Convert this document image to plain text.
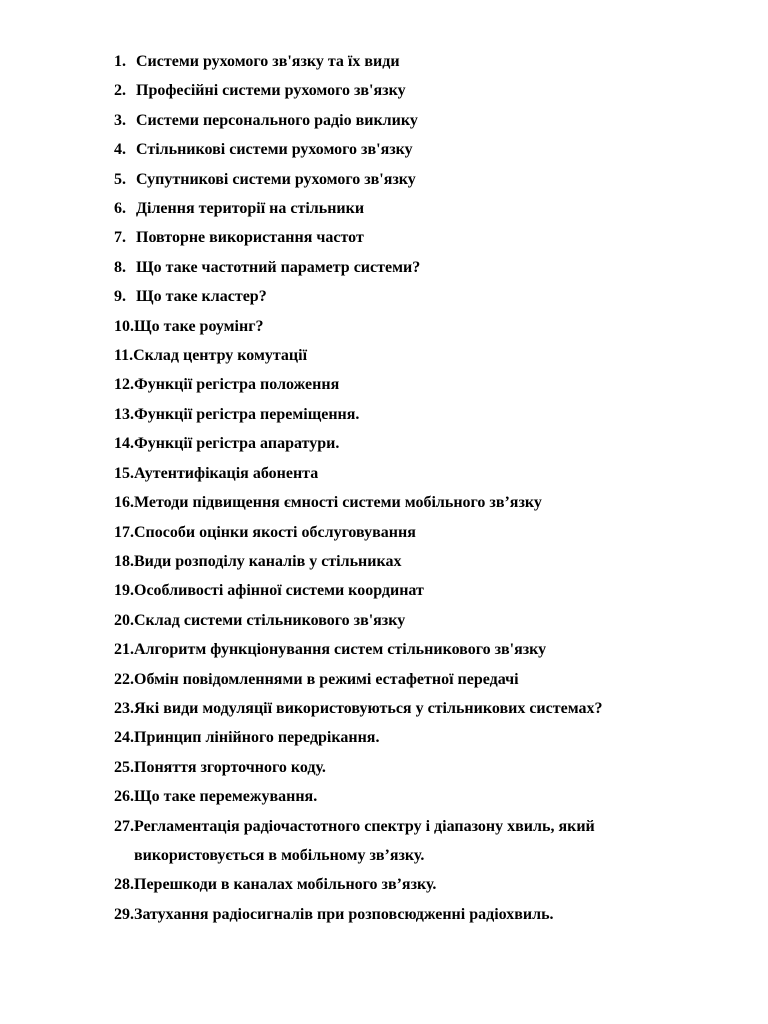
1. Системи рухомого зв'язку та їх види
2. Професійні системи рухомого зв'язку
3. Системи персонального радіо виклику
4. Стільникові системи рухомого зв'язку
5. Супутникові системи рухомого зв'язку
6. Ділення території на стільники
7. Повторне використання частот
8. Що таке частотний параметр системи?
9. Що таке кластер?
10. Що таке роумінг?
11. Склад центру комутації
12. Функції регістра положення
13. Функції регістра переміщення.
14. Функції регістра апаратури.
15. Аутентифікація абонента
16. Методи підвищення ємності системи мобільного зв’язку
17. Способи оцінки якості обслуговування
18. Види розподілу каналів у стільниках
19. Особливості афінної системи координат
20. Склад системи стільникового зв'язку
21. Алгоритм функціонування систем стільникового зв'язку
22. Обмін повідомленнями в режимі естафетної передачі
23. Які види модуляції використовуються у стільникових системах?
24. Принцип лінійного передрікання.
25. Поняття згорточного коду.
26. Що таке перемежування.
27. Регламентація радіочастотного спектру і діапазону хвиль, який
використовується в мобільному зв’язку.
28. Перешкоди в каналах мобільного зв’язку.
29. Затухання радіосигналів при розповсюдженні радіохвиль.
